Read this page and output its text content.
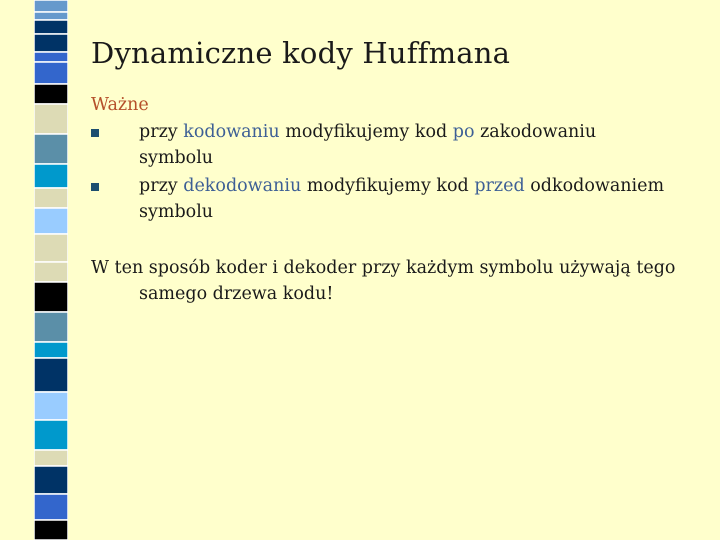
Dynamiczne kody Huffmana
Ważne
przy kodowaniu modyfikujemy kod po zakodowaniu
symbolu
przy dekodowaniu modyfikujemy kod przed odkodowaniem
symbolu
W ten sposób koder i dekoder przy każdym symbolu używają tego
samego drzewa kodu!
